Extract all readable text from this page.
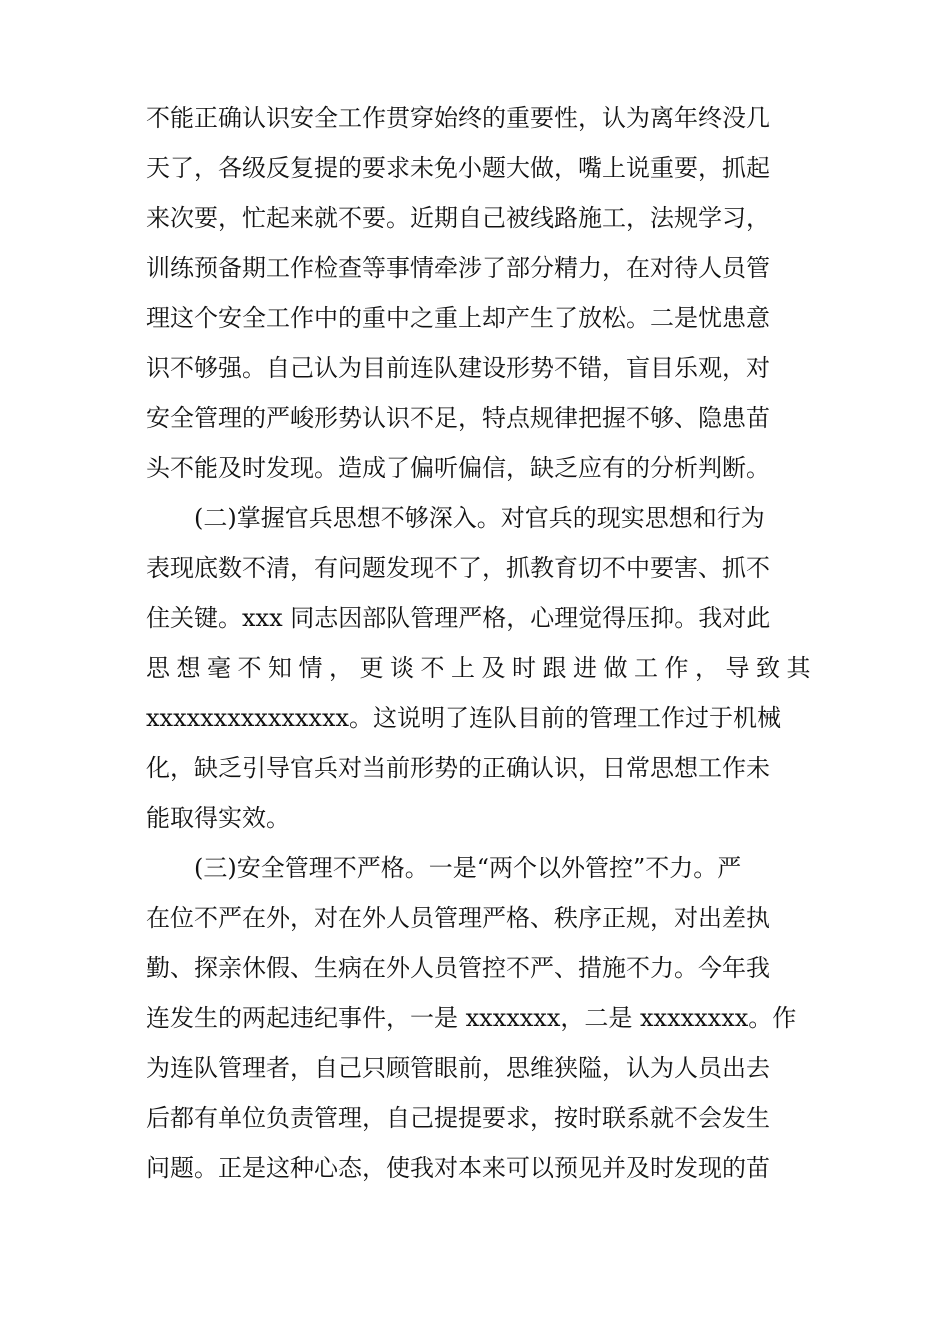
不能正确认识安全工作贯穿始终的重要性，认为离年终没几
天了，各级反复提的要求未免小题大做，嘴上说重要，抓起
来次要，忙起来就不要。近期自己被线路施工，法规学习，
训练预备期工作检查等事情牵涉了部分精力，在对待人员管
理这个安全工作中的重中之重上却产生了放松。二是忧患意
识不够强。自己认为目前连队建设形势不错，盲目乐观，对
安全管理的严峻形势认识不足，特点规律把握不够、隐患苗
头不能及时发现。造成了偏听偏信，缺乏应有的分析判断。
(二)掌握官兵思想不够深入。对官兵的现实思想和行为
表现底数不清，有问题发现不了，抓教育切不中要害、抓不
住关键。xxx 同志因部队管理严格，心理觉得压抑。我对此
思想毫不知情，更谈不上及时跟进做工作，导致其
xxxxxxxxxxxxxxx。这说明了连队目前的管理工作过于机械
化，缺乏引导官兵对当前形势的正确认识，日常思想工作未
能取得实效。
(三)安全管理不严格。一是“两个以外管控”不力。严
在位不严在外，对在外人员管理严格、秩序正规，对出差执
勤、探亲休假、生病在外人员管控不严、措施不力。今年我
连发生的两起违纪事件，一是 xxxxxxx，二是 xxxxxxxx。作
为连队管理者，自己只顾管眼前，思维狭隘，认为人员出去
后都有单位负责管理，自己提提要求，按时联系就不会发生
问题。正是这种心态，使我对本来可以预见并及时发现的苗
